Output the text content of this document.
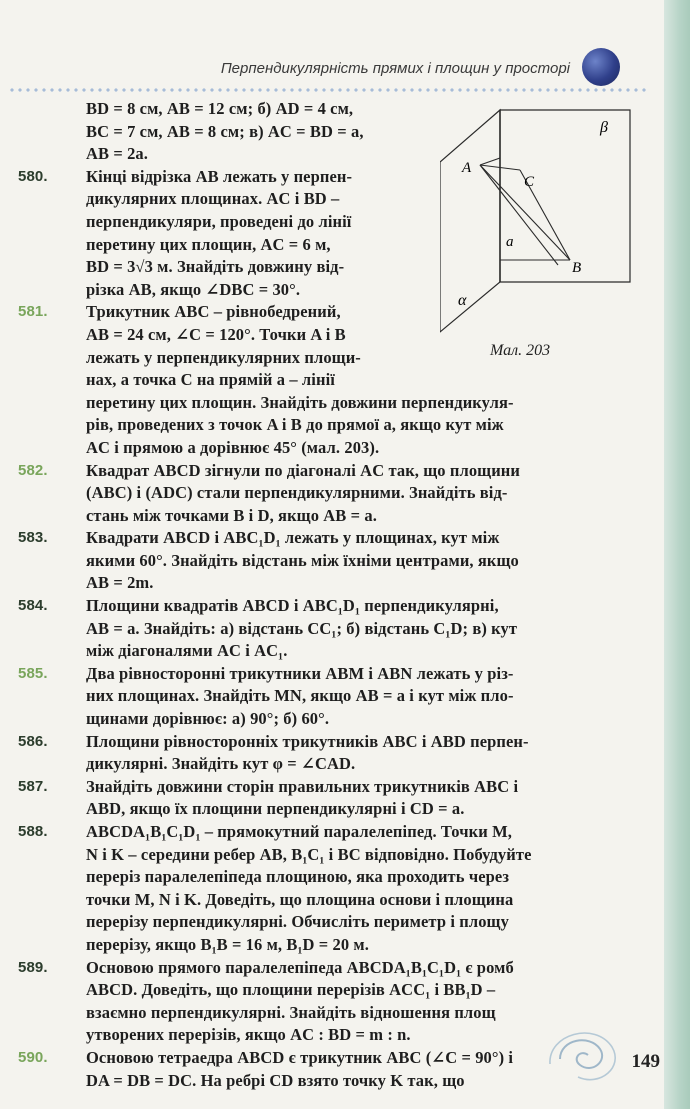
Перпендикулярність прямих і площин у просторі
β
α
A
C
a
B
Мал. 203
BD = 8 см, AB = 12 см; б) AD = 4 см,
BC = 7 см, AB = 8 см; в) AC = BD = a,
AB = 2a.
580. Кінці відрізка AB лежать у перпен-
дикулярних площинах. AC і BD –
перпендикуляри, проведені до лінії
перетину цих площин, AC = 6 м,
BD = 3√3 м. Знайдіть довжину від-
різка AB, якщо ∠DBC = 30°.
581. Трикутник ABC – рівнобедрений,
AB = 24 см, ∠C = 120°. Точки A і B
лежать у перпендикулярних площи-
нах, а точка C на прямій a – лінії
перетину цих площин. Знайдіть довжини перпендикуля-
рів, проведених з точок A і B до прямої a, якщо кут між
AC і прямою a дорівнює 45° (мал. 203).
582. Квадрат ABCD зігнули по діагоналі AC так, що площини
(ABC) і (ADC) стали перпендикулярними. Знайдіть від-
стань між точками B і D, якщо AB = a.
583. Квадрати ABCD і ABC₁D₁ лежать у площинах, кут між
якими 60°. Знайдіть відстань між їхніми центрами, якщо
AB = 2m.
584. Площини квадратів ABCD і ABC₁D₁ перпендикулярні,
AB = a. Знайдіть: а) відстань CC₁; б) відстань C₁D; в) кут
між діагоналями AC і AC₁.
585. Два рівносторонні трикутники ABM і ABN лежать у різ-
них площинах. Знайдіть MN, якщо AB = a і кут між пло-
щинами дорівнює: а) 90°; б) 60°.
586. Площини рівносторонніх трикутників ABC і ABD перпен-
дикулярні. Знайдіть кут φ = ∠CAD.
587. Знайдіть довжини сторін правильних трикутників ABC і
ABD, якщо їх площини перпендикулярні і CD = a.
588. ABCDA₁B₁C₁D₁ – прямокутний паралелепіпед. Точки M,
N і K – середини ребер AB, B₁C₁ і BC відповідно. Побудуйте
переріз паралелепіпеда площиною, яка проходить через
точки M, N і K. Доведіть, що площина основи і площина
перерізу перпендикулярні. Обчисліть периметр і площу
перерізу, якщо B₁B = 16 м, B₁D = 20 м.
589. Основою прямого паралелепіпеда ABCDA₁B₁C₁D₁ є ромб
ABCD. Доведіть, що площини перерізів ACC₁ і BB₁D –
взаємно перпендикулярні. Знайдіть відношення площ
утворених перерізів, якщо AC : BD = m : n.
590. Основою тетраедра ABCD є трикутник ABC (∠C = 90°) і
DA = DB = DC. На ребрі CD взято точку K так, що
149
